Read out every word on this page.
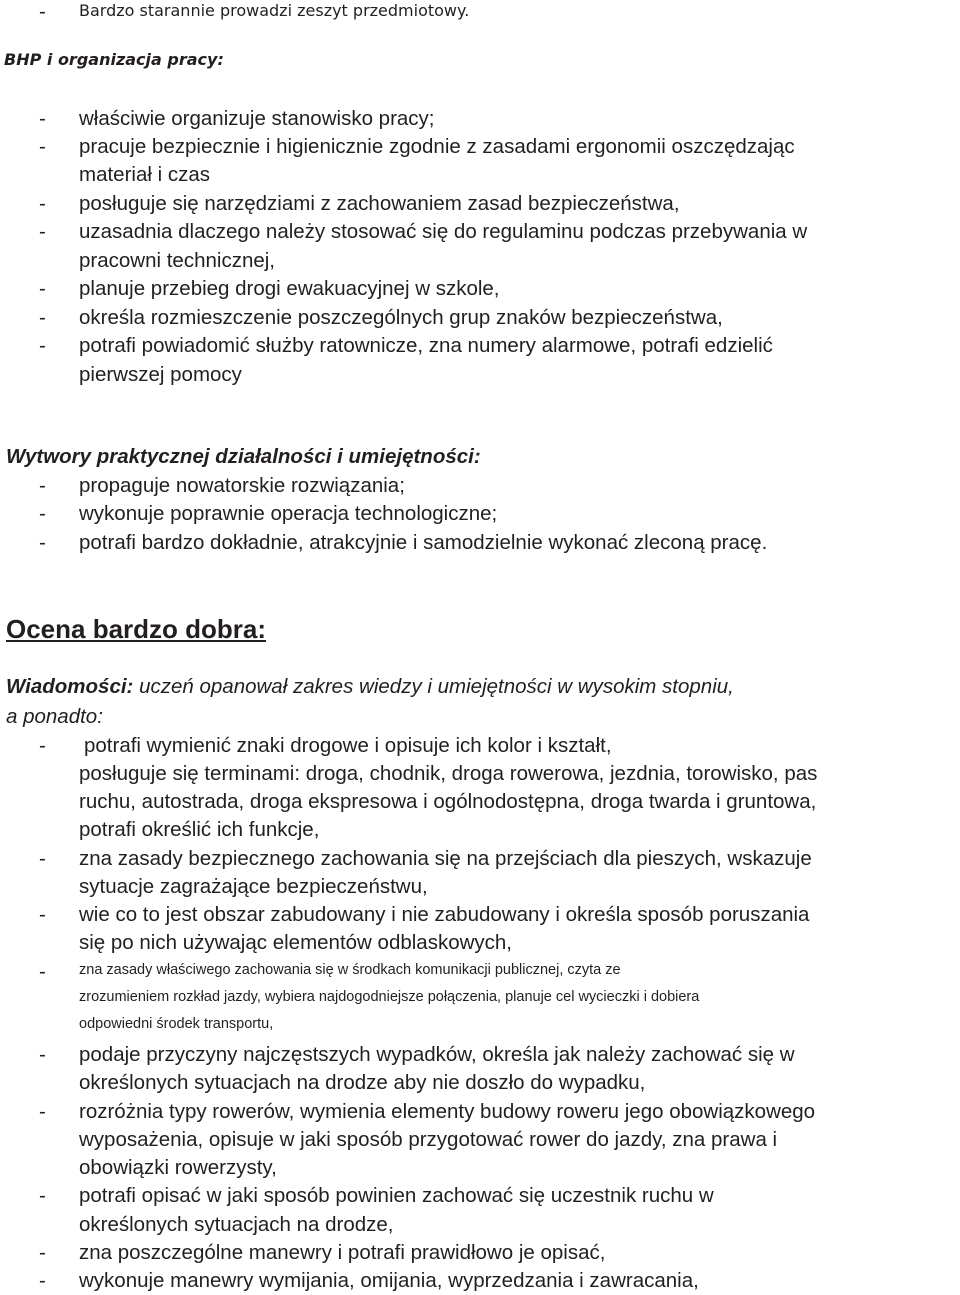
- Bardzo starannie prowadzi zeszyt przedmiotowy.
BHP i organizacja pracy:
- właściwie organizuje stanowisko pracy;
- pracuje bezpiecznie i higienicznie zgodnie z zasadami ergonomii oszczędzając
materiał i czas
- posługuje się narzędziami z zachowaniem zasad bezpieczeństwa,
- uzasadnia dlaczego należy stosować się do regulaminu podczas przebywania w
pracowni technicznej,
- planuje przebieg drogi ewakuacyjnej w szkole,
- określa rozmieszczenie poszczególnych grup znaków bezpieczeństwa,
- potrafi powiadomić służby ratownicze, zna numery alarmowe, potrafi edzielić
pierwszej pomocy
Wytwory praktycznej działalności i umiejętności:
- propaguje nowatorskie rozwiązania;
- wykonuje poprawnie operacja technologiczne;
- potrafi bardzo dokładnie, atrakcyjnie i samodzielnie wykonać zleconą pracę.
Ocena bardzo dobra:
Wiadomości: uczeń opanował zakres wiedzy i umiejętności w wysokim stopniu,
a ponadto:
- potrafi wymienić znaki drogowe i opisuje ich kolor i kształt,
posługuje się terminami: droga, chodnik, droga rowerowa, jezdnia, torowisko, pas
ruchu, autostrada, droga ekspresowa i ogólnodostępna, droga twarda i gruntowa,
potrafi określić ich funkcje,
- zna zasady bezpiecznego zachowania się na przejściach dla pieszych, wskazuje
sytuacje zagrażające bezpieczeństwu,
- wie co to jest obszar zabudowany i nie zabudowany i określa sposób poruszania
się po nich używając elementów odblaskowych,
- zna zasady właściwego zachowania się w środkach komunikacji publicznej, czyta ze
zrozumieniem rozkład jazdy, wybiera najdogodniejsze połączenia, planuje cel wycieczki i dobiera
odpowiedni środek transportu,
- podaje przyczyny najczęstszych wypadków, określa jak należy zachować się w
określonych sytuacjach na drodze aby nie doszło do wypadku,
- rozróżnia typy rowerów, wymienia elementy budowy roweru jego obowiązkowego
wyposażenia, opisuje w jaki sposób przygotować rower do jazdy, zna prawa i
obowiązki rowerzysty,
- potrafi opisać w jaki sposób powinien zachować się uczestnik ruchu w
określonych sytuacjach na drodze,
- zna poszczególne manewry i potrafi prawidłowo je opisać,
- wykonuje manewry wymijania, omijania, wyprzedzania i zawracania,
